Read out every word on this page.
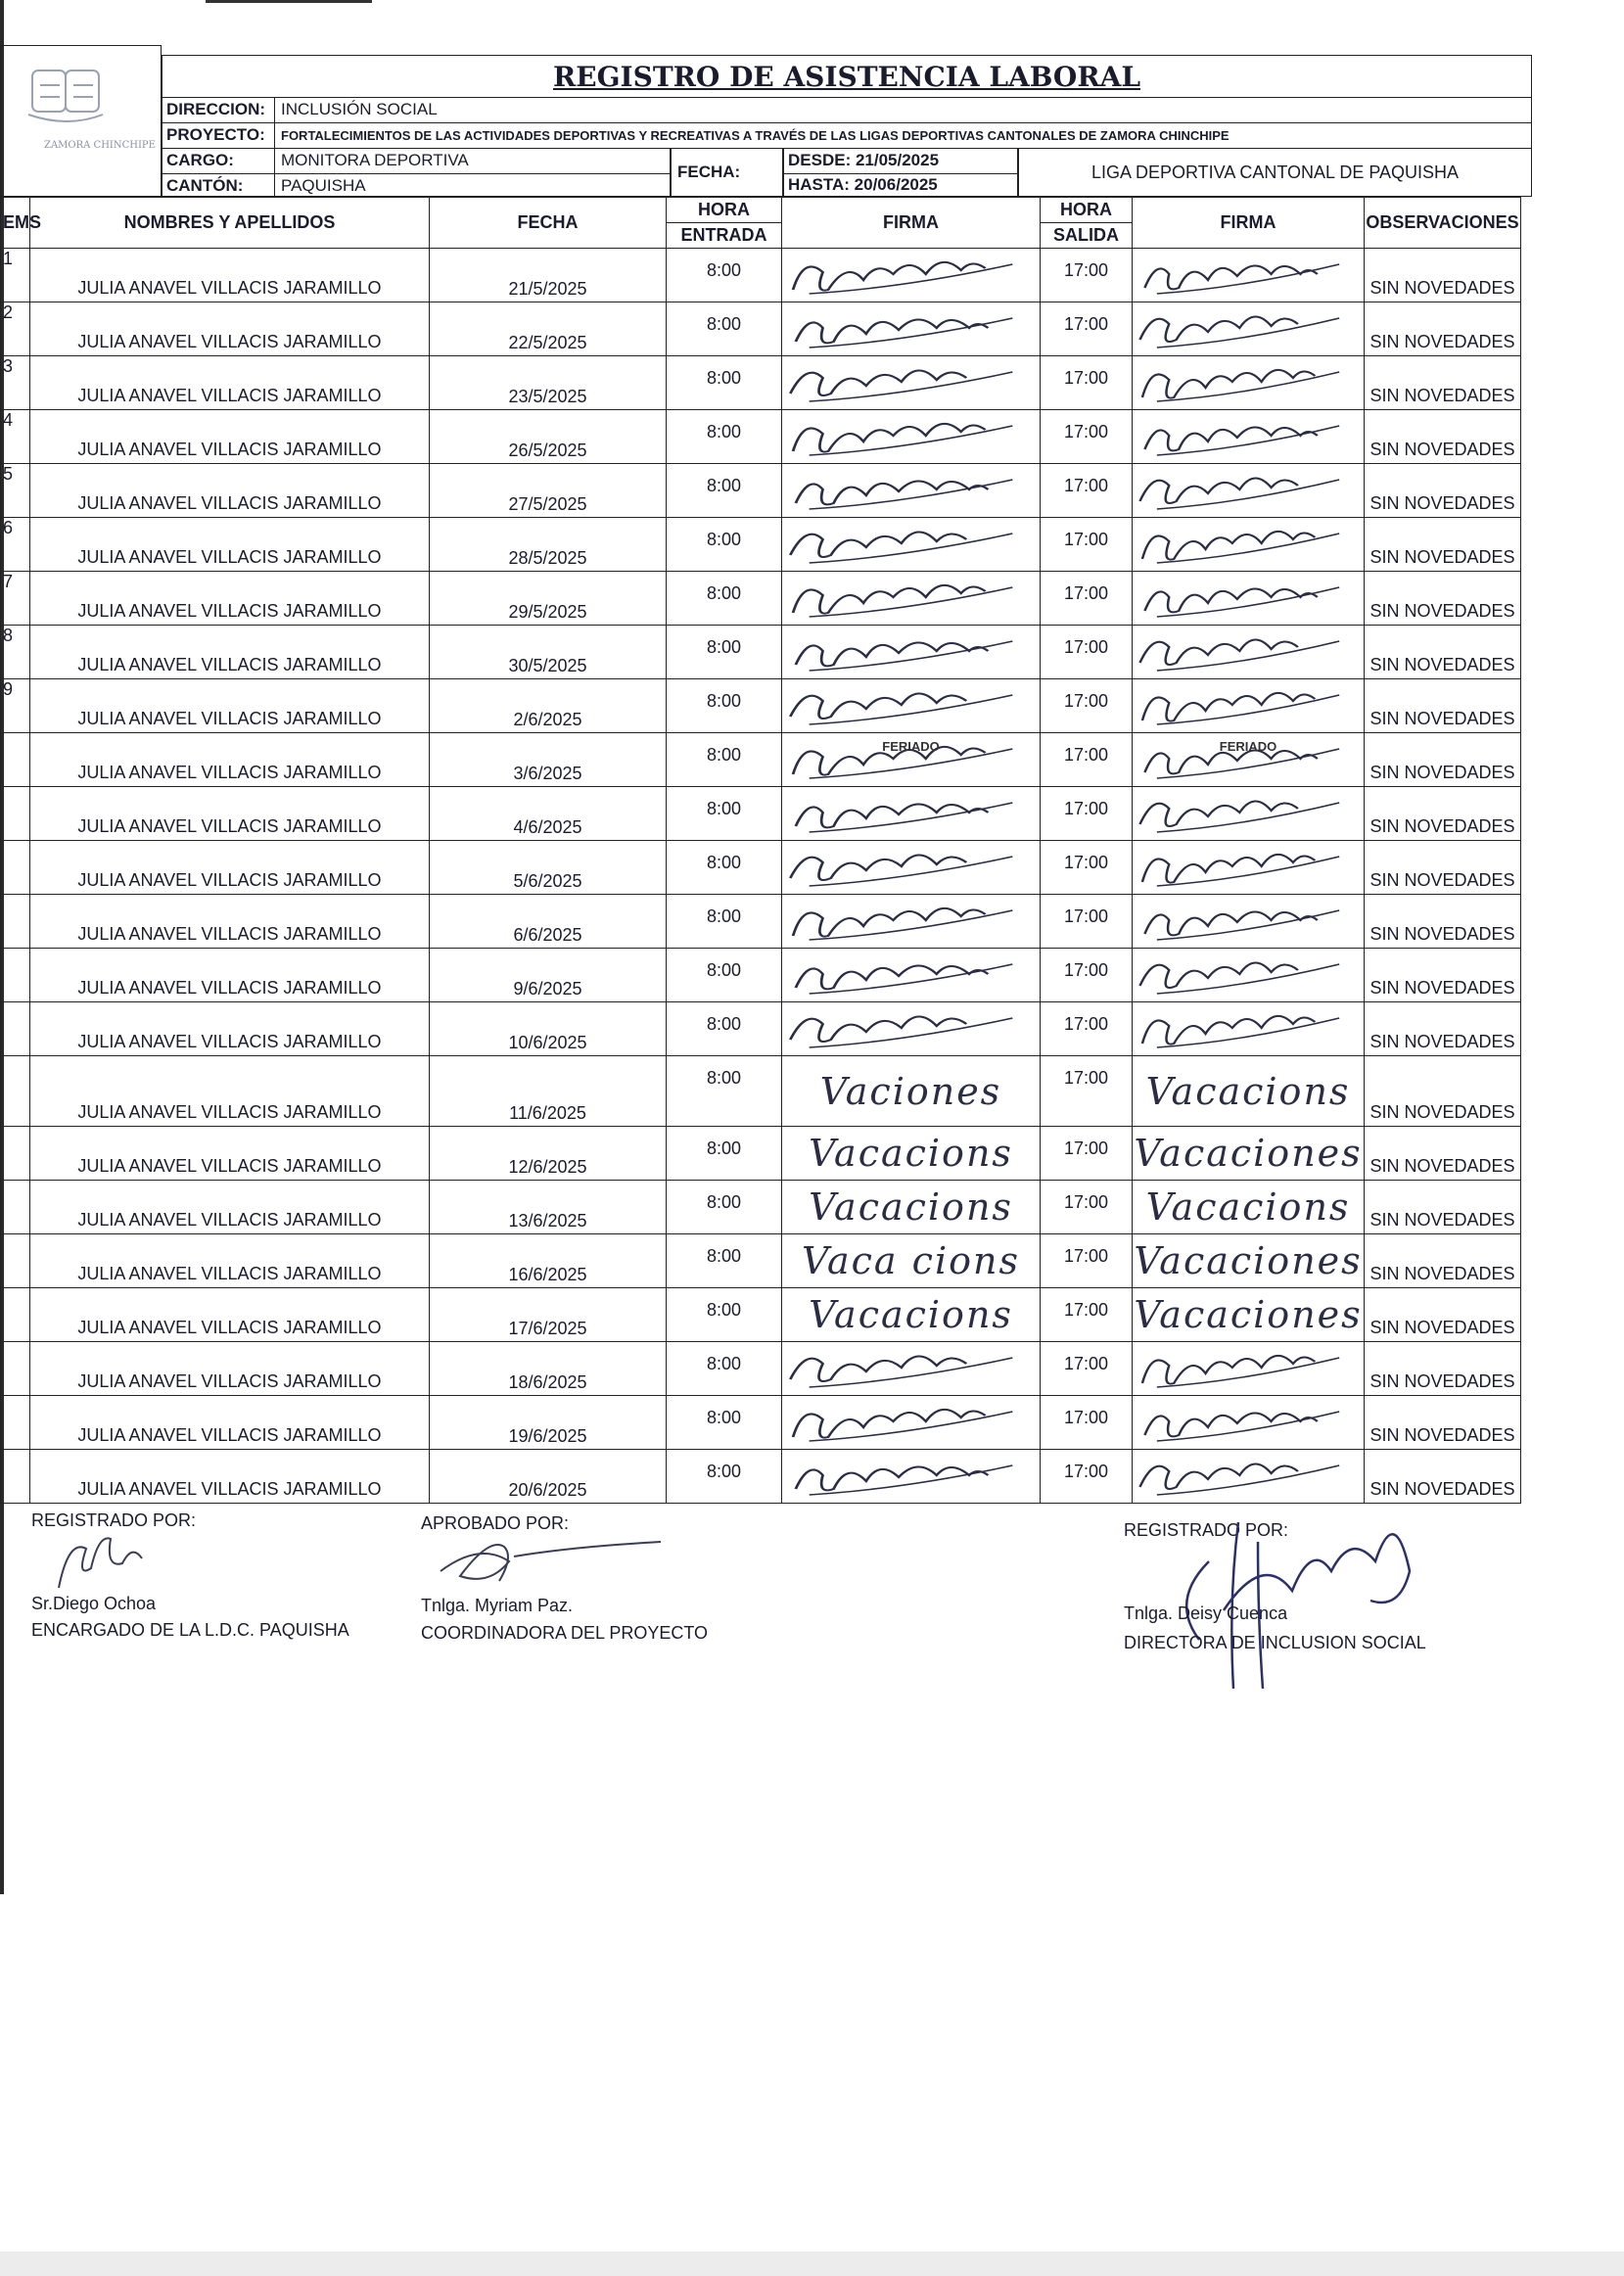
ZAMORA CHINCHIPE
REGISTRO DE ASISTENCIA LABORAL
DIRECCION: INCLUSIÓN SOCIAL
PROYECTO:	FORTALECIMIENTOS DE LAS ACTIVIDADES DEPORTIVAS Y RECREATIVAS A TRAVÉS DE LAS LIGAS DEPORTIVAS CANTONALES DE ZAMORA CHINCHIPE
CARGO:	MONITORA DEPORTIVA
CANTÓN:	PAQUISHA
FECHA:
DESDE: 21/05/2025
HASTA: 20/06/2025
LIGA DEPORTIVA CANTONAL DE PAQUISHA
EMS	NOMBRES Y APELLIDOS	FECHA	HORA	FIRMA	HORA	FIRMA	OBSERVACIONES
			ENTRADA		SALIDA		
1	JULIA ANAVEL VILLACIS JARAMILLO	21/5/2025	8:00		17:00		SIN NOVEDADES
2	JULIA ANAVEL VILLACIS JARAMILLO	22/5/2025	8:00		17:00		SIN NOVEDADES
3	JULIA ANAVEL VILLACIS JARAMILLO	23/5/2025	8:00		17:00		SIN NOVEDADES
4	JULIA ANAVEL VILLACIS JARAMILLO	26/5/2025	8:00		17:00		SIN NOVEDADES
5	JULIA ANAVEL VILLACIS JARAMILLO	27/5/2025	8:00		17:00		SIN NOVEDADES
6	JULIA ANAVEL VILLACIS JARAMILLO	28/5/2025	8:00		17:00		SIN NOVEDADES
7	JULIA ANAVEL VILLACIS JARAMILLO	29/5/2025	8:00		17:00		SIN NOVEDADES
8	JULIA ANAVEL VILLACIS JARAMILLO	30/5/2025	8:00		17:00		SIN NOVEDADES
9	JULIA ANAVEL VILLACIS JARAMILLO	2/6/2025	8:00		17:00		SIN NOVEDADES
	JULIA ANAVEL VILLACIS JARAMILLO	3/6/2025	8:00	FERIADO	17:00	FERIADO	SIN NOVEDADES
	JULIA ANAVEL VILLACIS JARAMILLO	4/6/2025	8:00		17:00		SIN NOVEDADES
	JULIA ANAVEL VILLACIS JARAMILLO	5/6/2025	8:00		17:00		SIN NOVEDADES
	JULIA ANAVEL VILLACIS JARAMILLO	6/6/2025	8:00		17:00		SIN NOVEDADES
	JULIA ANAVEL VILLACIS JARAMILLO	9/6/2025	8:00		17:00		SIN NOVEDADES
	JULIA ANAVEL VILLACIS JARAMILLO	10/6/2025	8:00		17:00		SIN NOVEDADES
	JULIA ANAVEL VILLACIS JARAMILLO	11/6/2025	8:00	Vaciones	17:00	Vacacions	SIN NOVEDADES
	JULIA ANAVEL VILLACIS JARAMILLO	12/6/2025	8:00	Vacacions	17:00	Vacaciones	SIN NOVEDADES
	JULIA ANAVEL VILLACIS JARAMILLO	13/6/2025	8:00	Vacacions	17:00	Vacacions	SIN NOVEDADES
	JULIA ANAVEL VILLACIS JARAMILLO	16/6/2025	8:00	Vaca cions	17:00	Vacaciones	SIN NOVEDADES
	JULIA ANAVEL VILLACIS JARAMILLO	17/6/2025	8:00	Vacacions	17:00	Vacaciones	SIN NOVEDADES
	JULIA ANAVEL VILLACIS JARAMILLO	18/6/2025	8:00		17:00		SIN NOVEDADES
	JULIA ANAVEL VILLACIS JARAMILLO	19/6/2025	8:00		17:00		SIN NOVEDADES
	JULIA ANAVEL VILLACIS JARAMILLO	20/6/2025	8:00		17:00		SIN NOVEDADES
REGISTRADO POR:
Sr.Diego Ochoa
ENCARGADO DE LA L.D.C. PAQUISHA
APROBADO POR:
Tnlga. Myriam Paz.
COORDINADORA DEL PROYECTO
REGISTRADO POR:
Tnlga. Deisy Cuenca
DIRECTORA DE INCLUSION SOCIAL
